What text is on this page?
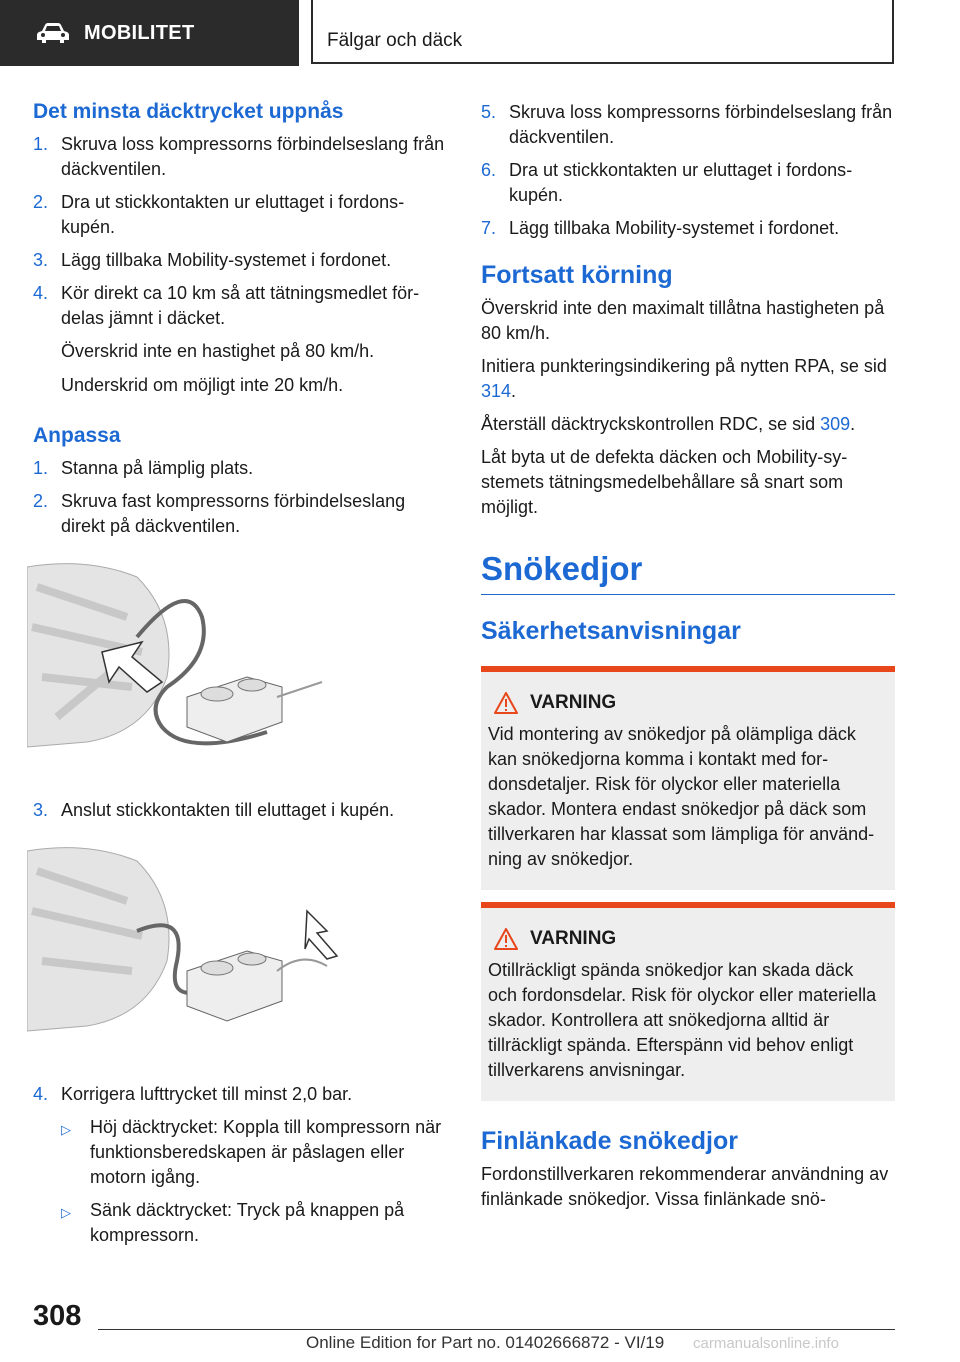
MOBILITET	Fälgar och däck
Det minsta däcktrycket uppnås
1. Skruva loss kompressorns förbindelseslang från däckventilen.
2. Dra ut stickkontakten ur eluttaget i fordonskupén.
3. Lägg tillbaka Mobility-systemet i fordonet.
4. Kör direkt ca 10 km så att tätningsmedlet fördelas jämnt i däcket.
Överskrid inte en hastighet på 80 km/h.
Underskrid om möjligt inte 20 km/h.
Anpassa
1. Stanna på lämplig plats.
2. Skruva fast kompressorns förbindelseslang direkt på däckventilen.
3. Anslut stickkontakten till eluttaget i kupén.
4. Korrigera lufttrycket till minst 2,0 bar.
▷	Höj däcktrycket: Koppla till kompressorn när funktionsberedskapen är påslagen eller motorn igång.
▷	Sänk däcktrycket: Tryck på knappen på kompressorn.
5. Skruva loss kompressorns förbindelseslang från däckventilen.
6. Dra ut stickkontakten ur eluttaget i fordonskupén.
7. Lägg tillbaka Mobility-systemet i fordonet.
Fortsatt körning
Överskrid inte den maximalt tillåtna hastigheten på 80 km/h.
Initiera punkteringsindikering på nytten RPA, se sid 314.
Återställ däcktryckskontrollen RDC, se sid 309.
Låt byta ut de defekta däcken och Mobility-systemets tätningsmedelbehållare så snart som möjligt.
Snökedjor
Säkerhetsanvisningar
VARNING
Vid montering av snökedjor på olämpliga däck kan snökedjorna komma i kontakt med fordonsdetaljer. Risk för olyckor eller materiella skador. Montera endast snökedjor på däck som tillverkaren har klassat som lämpliga för användning av snökedjor.
VARNING
Otillräckligt spända snökedjor kan skada däck och fordonsdelar. Risk för olyckor eller materiella skador. Kontrollera att snökedjorna alltid är tillräckligt spända. Efterspänn vid behov enligt tillverkarens anvisningar.
Finlänkade snökedjor
Fordonstillverkaren rekommenderar användning av finlänkade snökedjor. Vissa finlänkade snö-
308
Online Edition for Part no. 01402666872 - VI/19 carmanualsonline.info
